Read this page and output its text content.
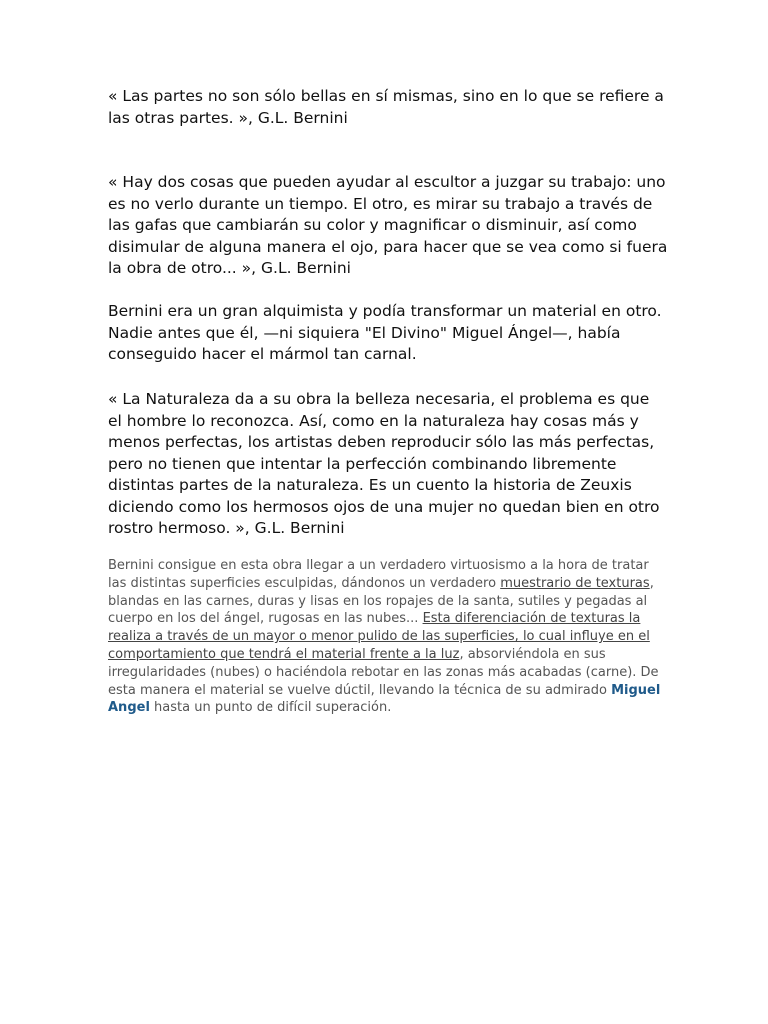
« Las partes no son sólo bellas en sí mismas, sino en lo que se refiere a las otras partes. », G.L. Bernini

« Hay dos cosas que pueden ayudar al escultor a juzgar su trabajo: uno es no verlo durante un tiempo. El otro, es mirar su trabajo a través de las gafas que cambiarán su color y magnificar o disminuir, así como disimular de alguna manera el ojo, para hacer que se vea como si fuera la obra de otro... », G.L. Bernini

Bernini era un gran alquimista y podía transformar un material en otro. Nadie antes que él, —ni siquiera "El Divino" Miguel Ángel—, había conseguido hacer el mármol tan carnal.

« La Naturaleza da a su obra la belleza necesaria, el problema es que el hombre lo reconozca. Así, como en la naturaleza hay cosas más y menos perfectas, los artistas deben reproducir sólo las más perfectas, pero no tienen que intentar la perfección combinando libremente distintas partes de la naturaleza. Es un cuento la historia de Zeuxis diciendo como los hermosos ojos de una mujer no quedan bien en otro rostro hermoso. », G.L. Bernini

Bernini consigue en esta obra llegar a un verdadero virtuosismo a la hora de tratar las distintas superficies esculpidas, dándonos un verdadero muestrario de texturas, blandas en las carnes, duras y lisas en los ropajes de la santa, sutiles y pegadas al cuerpo en los del ángel, rugosas en las nubes... Esta diferenciación de texturas la realiza a través de un mayor o menor pulido de las superficies, lo cual influye en el comportamiento que tendrá el material frente a la luz, absorviéndola en sus irregularidades (nubes) o haciéndola rebotar en las zonas más acabadas (carne). De esta manera el material se vuelve dúctil, llevando la técnica de su admirado Miguel Angel hasta un punto de difícil superación.
